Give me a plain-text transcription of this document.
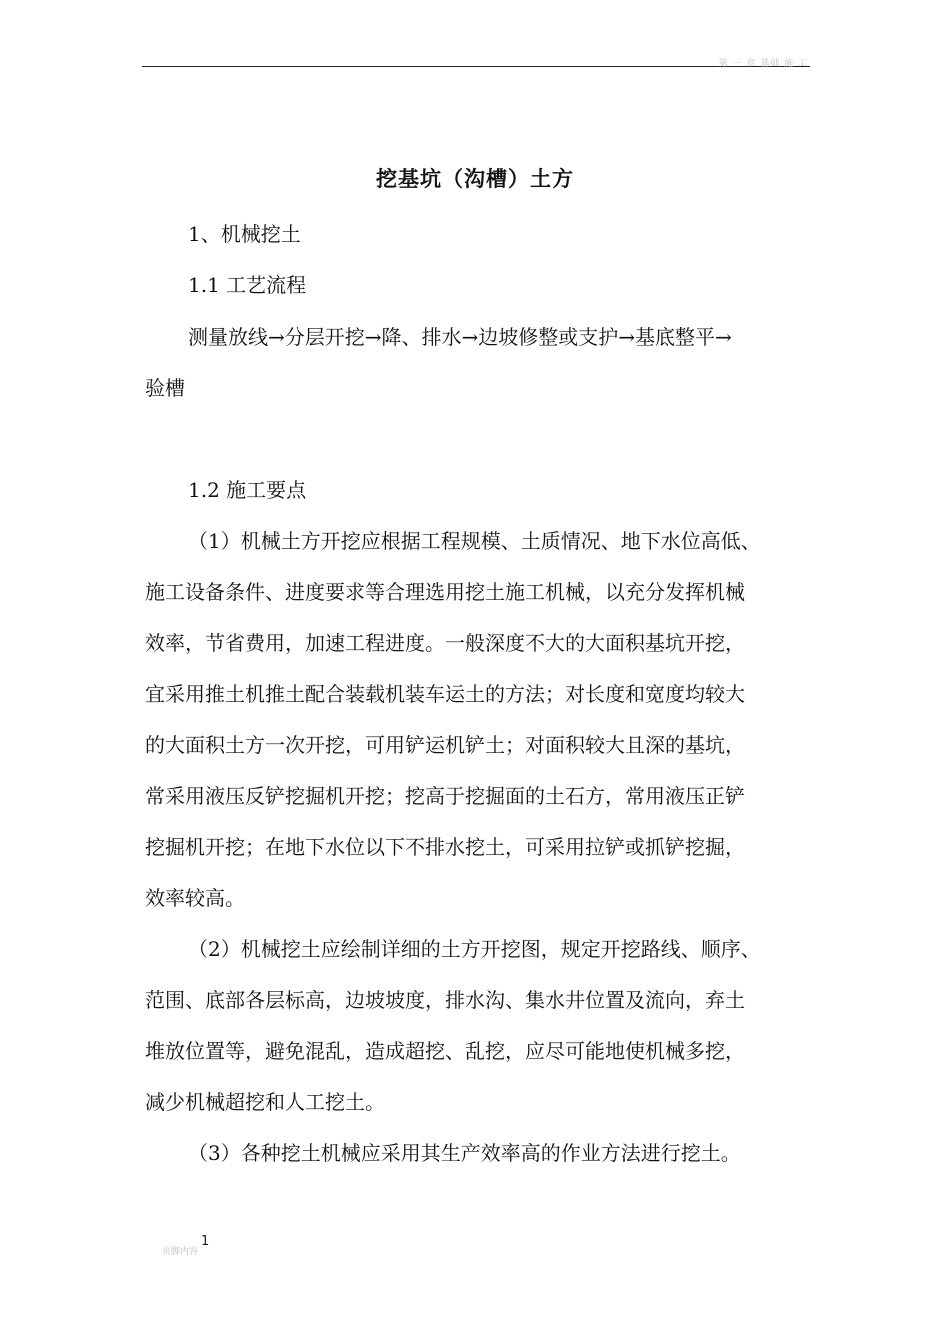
第 一 章 基础 施 工
挖基坑（沟槽）土方
1、机械挖土
1.1 工艺流程
测量放线→分层开挖→降、排水→边坡修整或支护→基底整平→
验槽
1.2 施工要点
（1）机械土方开挖应根据工程规模、土质情况、地下水位高低、
施工设备条件、进度要求等合理选用挖土施工机械，以充分发挥机械
效率，节省费用，加速工程进度。一般深度不大的大面积基坑开挖，
宜采用推土机推土配合装载机装车运土的方法；对长度和宽度均较大
的大面积土方一次开挖，可用铲运机铲土；对面积较大且深的基坑，
常采用液压反铲挖掘机开挖；挖高于挖掘面的土石方，常用液压正铲
挖掘机开挖；在地下水位以下不排水挖土，可采用拉铲或抓铲挖掘，
效率较高。
（2）机械挖土应绘制详细的土方开挖图，规定开挖路线、顺序、
范围、底部各层标高，边坡坡度，排水沟、集水井位置及流向，弃土
堆放位置等，避免混乱，造成超挖、乱挖，应尽可能地使机械多挖，
减少机械超挖和人工挖土。
（3）各种挖土机械应采用其生产效率高的作业方法进行挖土。
页脚内容
1
